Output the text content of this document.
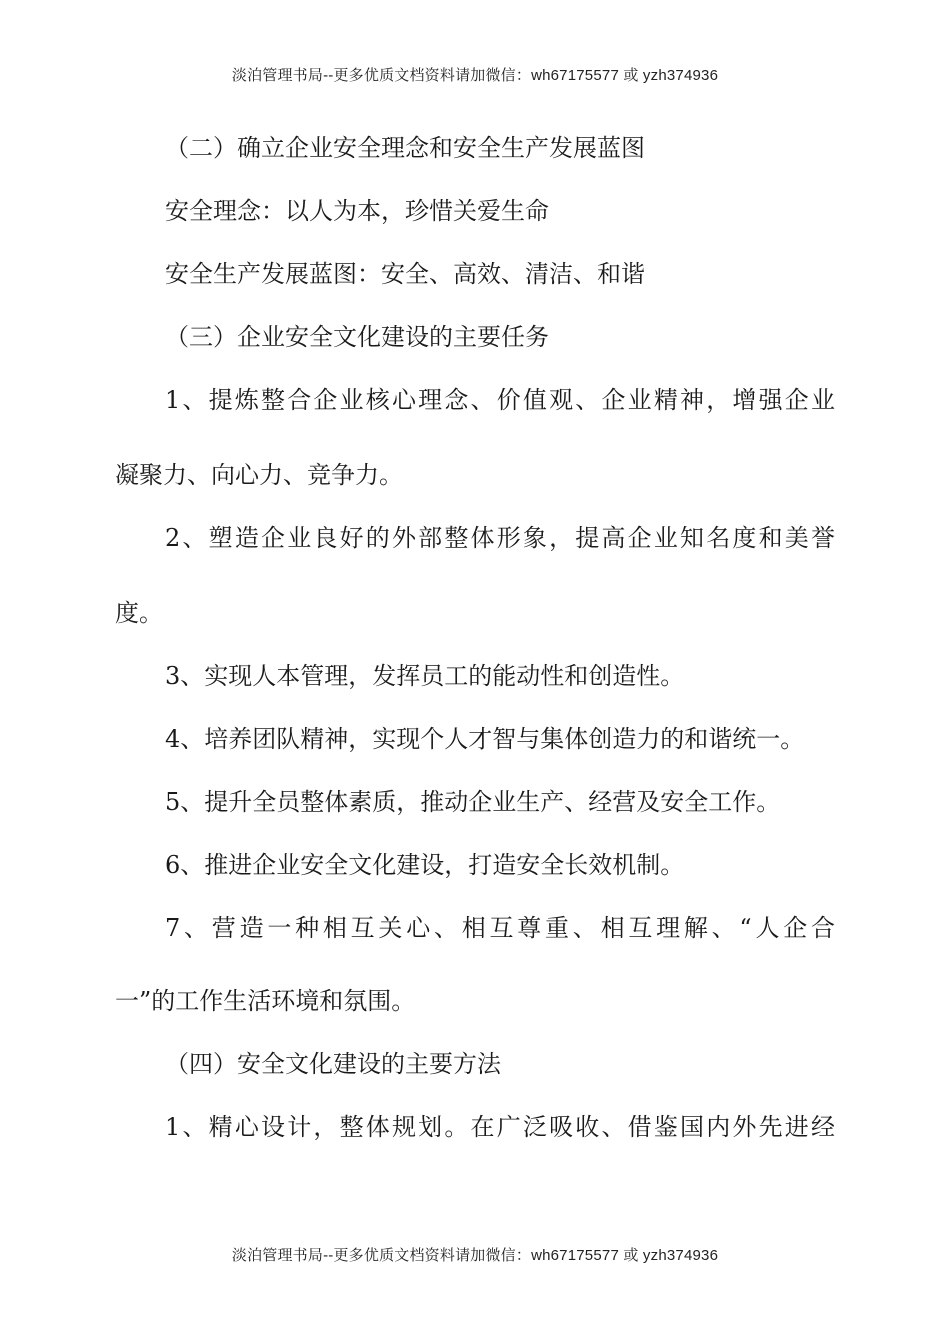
淡泊管理书局--更多优质文档资料请加微信：wh67175577 或 yzh374936
（二）确立企业安全理念和安全生产发展蓝图
安全理念：以人为本，珍惜关爱生命
安全生产发展蓝图：安全、高效、清洁、和谐
（三）企业安全文化建设的主要任务
1、提炼整合企业核心理念、价值观、企业精神，增强企业
凝聚力、向心力、竞争力。
2、塑造企业良好的外部整体形象，提高企业知名度和美誉
度。
3、实现人本管理，发挥员工的能动性和创造性。
4、培养团队精神，实现个人才智与集体创造力的和谐统一。
5、提升全员整体素质，推动企业生产、经营及安全工作。
6、推进企业安全文化建设，打造安全长效机制。
7、营造一种相互关心、相互尊重、相互理解、“人企合
一”的工作生活环境和氛围。
（四）安全文化建设的主要方法
1、精心设计，整体规划。在广泛吸收、借鉴国内外先进经
淡泊管理书局--更多优质文档资料请加微信：wh67175577 或 yzh374936
